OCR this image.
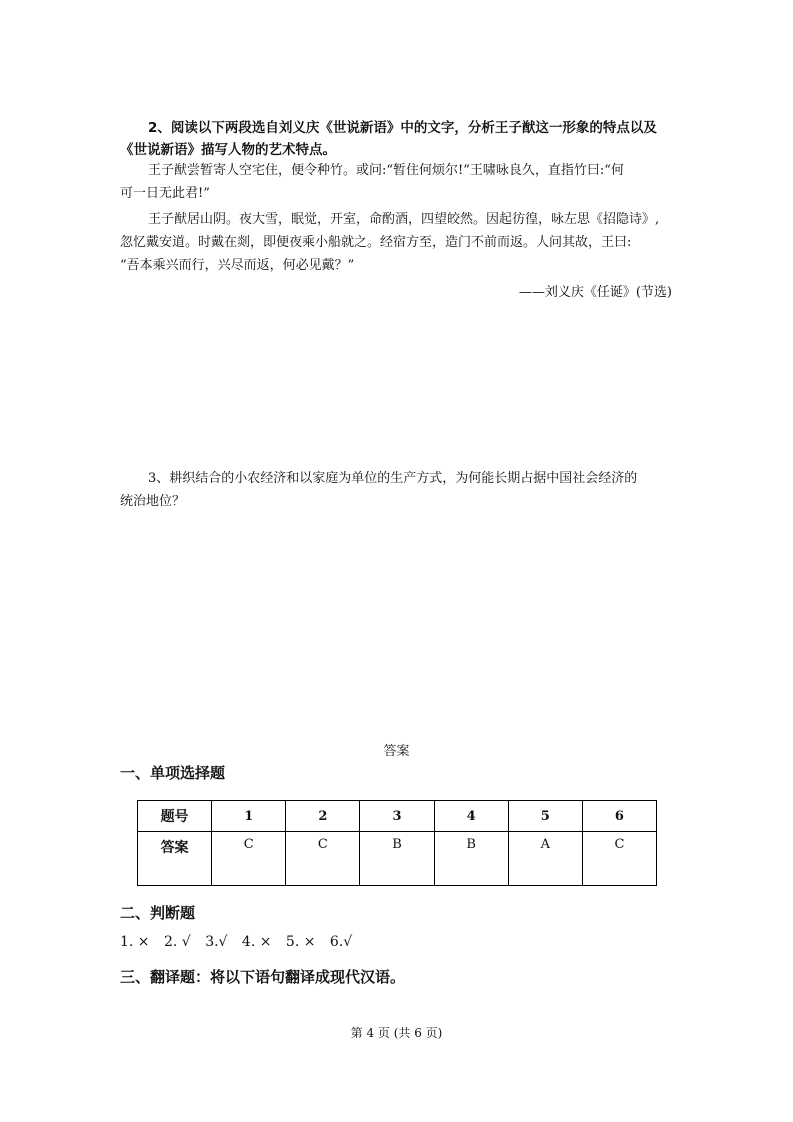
2、阅读以下两段选自刘义庆《世说新语》中的文字，分析王子猷这一形象的特点以及
《世说新语》描写人物的艺术特点。
王子猷尝暂寄人空宅住，便令种竹。或问:“暂住何烦尔!”王啸咏良久，直指竹曰:“何
可一日无此君!”
王子猷居山阴。夜大雪，眠觉，开室，命酌酒，四望皎然。因起彷徨，咏左思《招隐诗》,
忽忆戴安道。时戴在剡，即便夜乘小船就之。经宿方至，造门不前而返。人问其故，王曰:
“吾本乘兴而行，兴尽而返，何必见戴？”
——刘义庆《任诞》(节选)
3、耕织结合的小农经济和以家庭为单位的生产方式，为何能长期占据中国社会经济的
统治地位？
答案
一、单项选择题
题号	1	2	3	4	5	6
答案	C	C	B	B	A	C
二、判断题
1. × 2. √ 3.√ 4. × 5. × 6.√
三、翻译题：将以下语句翻译成现代汉语。
第 4 页 (共 6 页)
